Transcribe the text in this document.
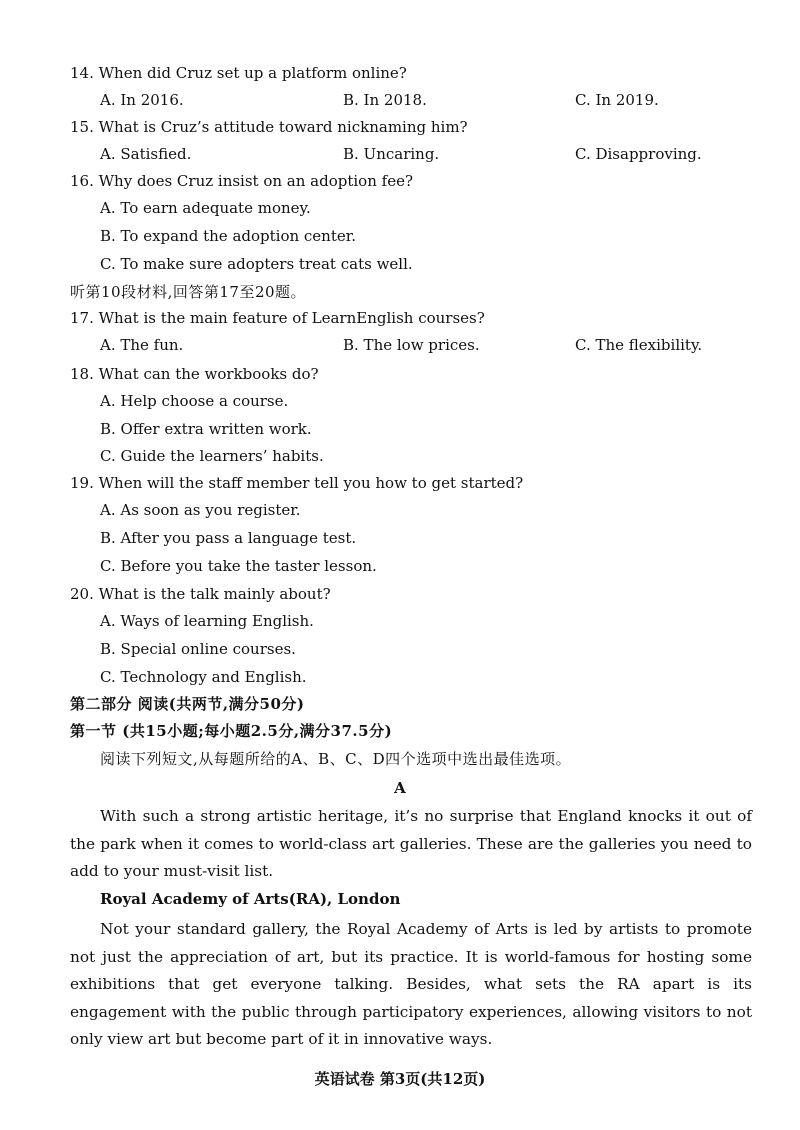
14. When did Cruz set up a platform online?
A. In 2016.	B. In 2018.	C. In 2019.
15. What is Cruz’s attitude toward nicknaming him?
A. Satisfied.	B. Uncaring.	C. Disapproving.
16. Why does Cruz insist on an adoption fee?
A. To earn adequate money.
B. To expand the adoption center.
C. To make sure adopters treat cats well.
听第10段材料,回答第17至20题。
17. What is the main feature of LearnEnglish courses?
A. The fun.	B. The low prices.	C. The flexibility.
18. What can the workbooks do?
A. Help choose a course.
B. Offer extra written work.
C. Guide the learners’ habits.
19. When will the staff member tell you how to get started?
A. As soon as you register.
B. After you pass a language test.
C. Before you take the taster lesson.
20. What is the talk mainly about?
A. Ways of learning English.
B. Special online courses.
C. Technology and English.
第二部分 阅读(共两节,满分50分)
第一节 (共15小题;每小题2.5分,满分37.5分)
阅读下列短文,从每题所给的A、B、C、D四个选项中选出最佳选项。
A
With such a strong artistic heritage, it’s no surprise that England knocks it out of the park when it comes to world-class art galleries. These are the galleries you need to add to your must-visit list.
Royal Academy of Arts(RA), London
Not your standard gallery, the Royal Academy of Arts is led by artists to promote not just the appreciation of art, but its practice. It is world-famous for hosting some exhibitions that get everyone talking. Besides, what sets the RA apart is its engagement with the public through participatory experiences, allowing visitors to not only view art but become part of it in innovative ways.
英语试卷 第3页(共12页)
